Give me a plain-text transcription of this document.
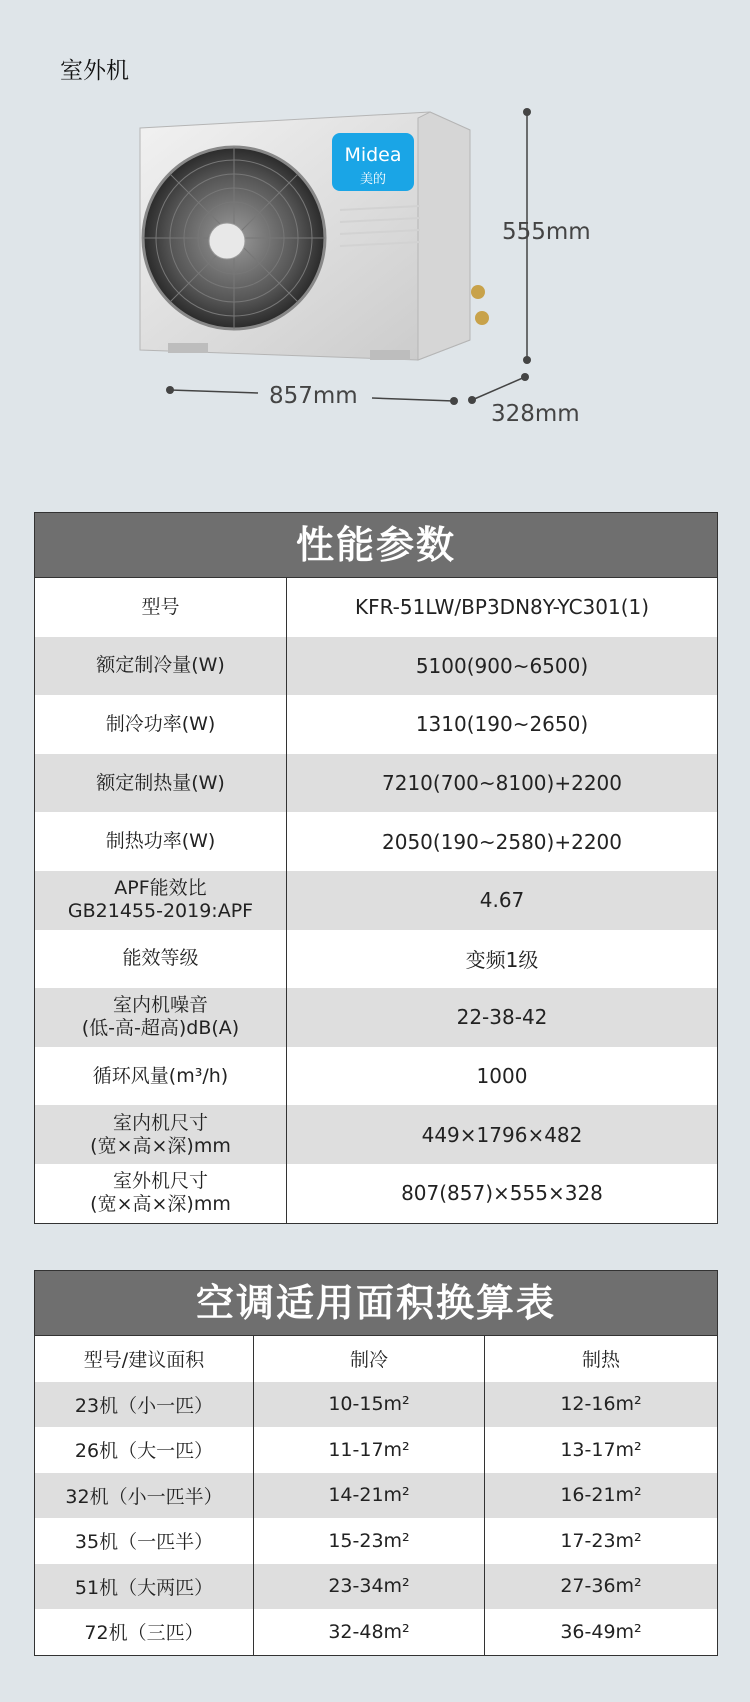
室外机
Midea
美的
555mm
857mm
328mm
性能参数
型号	KFR-51LW/BP3DN8Y-YC301(1)
额定制冷量(W)	5100(900~6500)
制冷功率(W)	1310(190~2650)
额定制热量(W)	7210(700~8100)+2200
制热功率(W)	2050(190~2580)+2200
APF能效比
GB21455-2019:APF	4.67
能效等级	变频1级
室内机噪音
(低-高-超高)dB(A)	22-38-42
循环风量(m³/h)	1000
室内机尺寸
(宽×高×深)mm	449×1796×482
室外机尺寸
(宽×高×深)mm	807(857)×555×328
空调适用面积换算表
型号/建议面积	制冷	制热
23机（小一匹）	10-15m²	12-16m²
26机（大一匹）	11-17m²	13-17m²
32机（小一匹半）	14-21m²	16-21m²
35机（一匹半）	15-23m²	17-23m²
51机（大两匹）	23-34m²	27-36m²
72机（三匹）	32-48m²	36-49m²
